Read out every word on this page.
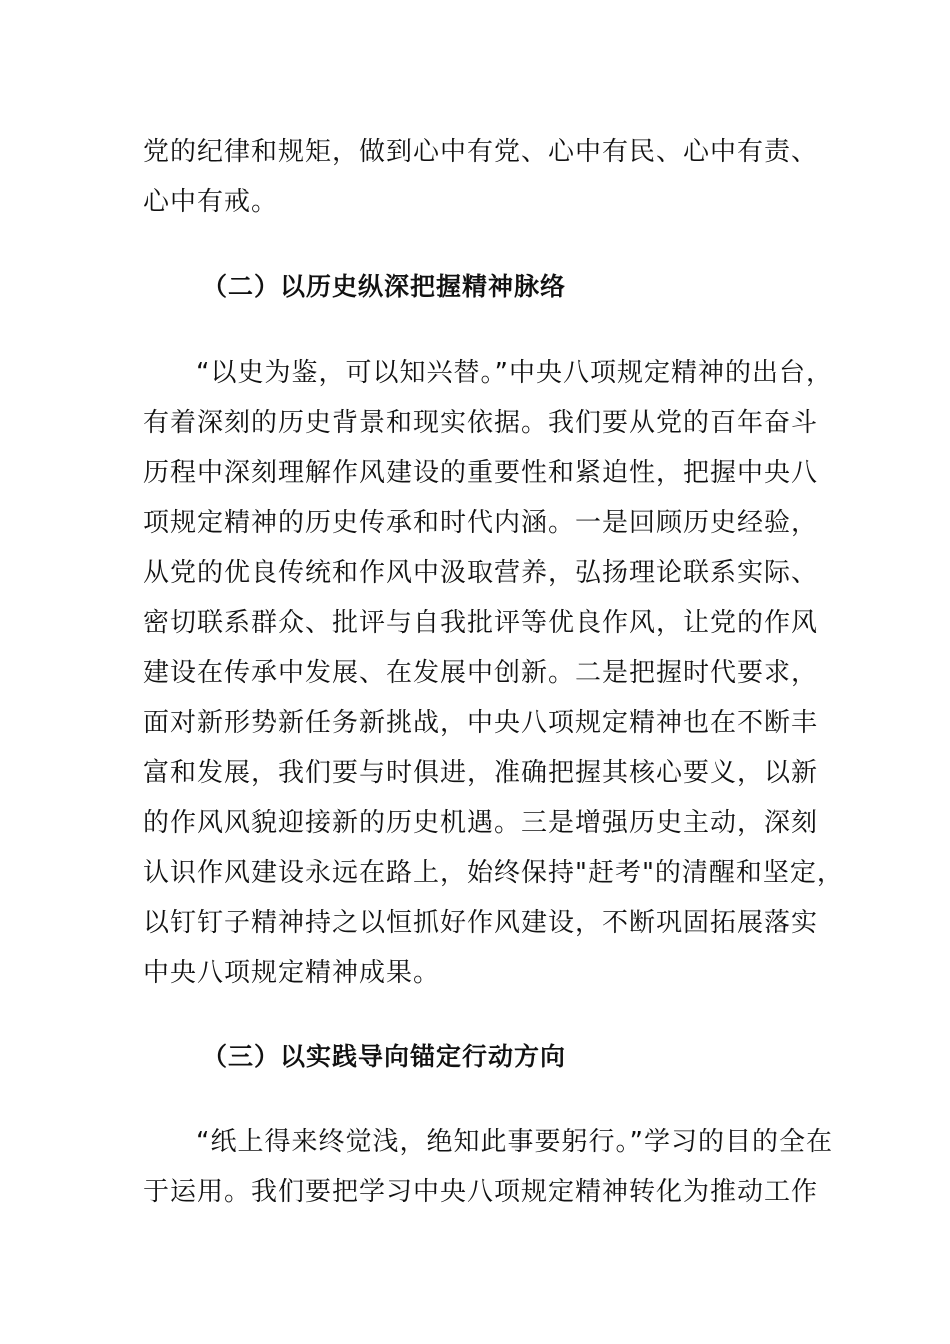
党的纪律和规矩，做到心中有党、心中有民、心中有责、
心中有戒。
（二）以历史纵深把握精神脉络
“以史为鉴，可以知兴替。”中央八项规定精神的出台，
有着深刻的历史背景和现实依据。我们要从党的百年奋斗
历程中深刻理解作风建设的重要性和紧迫性，把握中央八
项规定精神的历史传承和时代内涵。一是回顾历史经验，
从党的优良传统和作风中汲取营养，弘扬理论联系实际、
密切联系群众、批评与自我批评等优良作风，让党的作风
建设在传承中发展、在发展中创新。二是把握时代要求，
面对新形势新任务新挑战，中央八项规定精神也在不断丰
富和发展，我们要与时俱进，准确把握其核心要义，以新
的作风风貌迎接新的历史机遇。三是增强历史主动，深刻
认识作风建设永远在路上，始终保持"赶考"的清醒和坚定，
以钉钉子精神持之以恒抓好作风建设，不断巩固拓展落实
中央八项规定精神成果。
（三）以实践导向锚定行动方向
“纸上得来终觉浅，绝知此事要躬行。”学习的目的全在
于运用。我们要把学习中央八项规定精神转化为推动工作
